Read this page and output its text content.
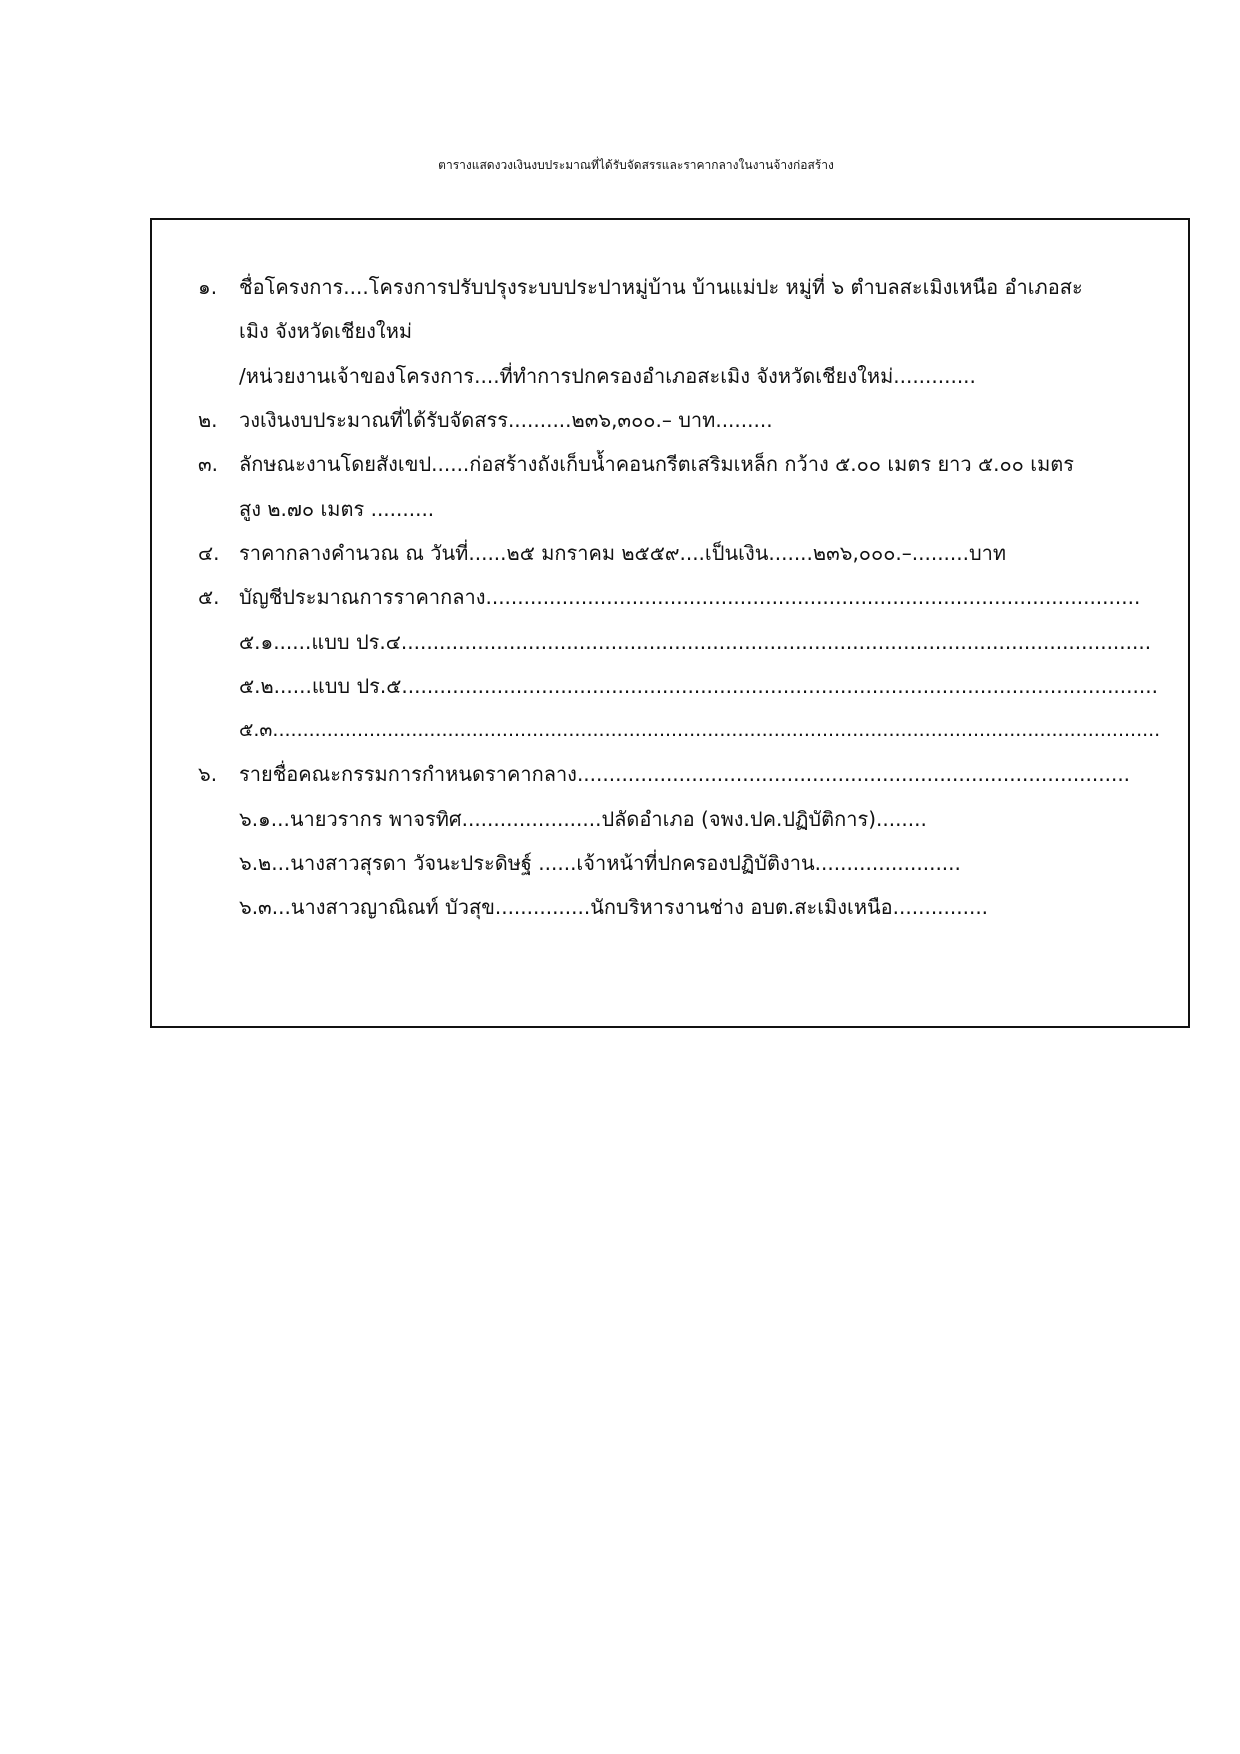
ตารางแสดงวงเงินงบประมาณที่ได้รับจัดสรรและราคากลางในงานจ้างก่อสร้าง
๑. ชื่อโครงการ....โครงการปรับปรุงระบบประปาหมู่บ้าน บ้านแม่ปะ หมู่ที่ ๖ ตำบลสะเมิงเหนือ อำเภอสะ
เมิง จังหวัดเชียงใหม่
/หน่วยงานเจ้าของโครงการ....ที่ทำการปกครองอำเภอสะเมิง จังหวัดเชียงใหม่.............
๒. วงเงินงบประมาณที่ได้รับจัดสรร..........๒๓๖,๓๐๐.– บาท.........
๓. ลักษณะงานโดยสังเขป......ก่อสร้างถังเก็บน้ำคอนกรีตเสริมเหล็ก กว้าง ๕.๐๐ เมตร ยาว ๕.๐๐ เมตร
สูง ๒.๗๐ เมตร ..........
๔. ราคากลางคำนวณ ณ วันที่......๒๕ มกราคม ๒๕๕๙....เป็นเงิน.......๒๓๖,๐๐๐.–.........บาท
๕. บัญชีประมาณการราคากลาง.......................................................................................................
๕.๑......แบบ ปร.๔......................................................................................................................
๕.๒......แบบ ปร.๕.......................................................................................................................
๕.๓...................................................................................................................................................
๖. รายชื่อคณะกรรมการกำหนดราคากลาง.......................................................................................
๖.๑...นายวรากร พาจรทิศ......................ปลัดอำเภอ (จพง.ปค.ปฏิบัติการ)........
๖.๒...นางสาวสุรดา วัจนะประดิษฐ์ ......เจ้าหน้าที่ปกครองปฏิบัติงาน.......................
๖.๓...นางสาวญาณิณท์ บัวสุข...............นักบริหารงานช่าง อบต.สะเมิงเหนือ...............
